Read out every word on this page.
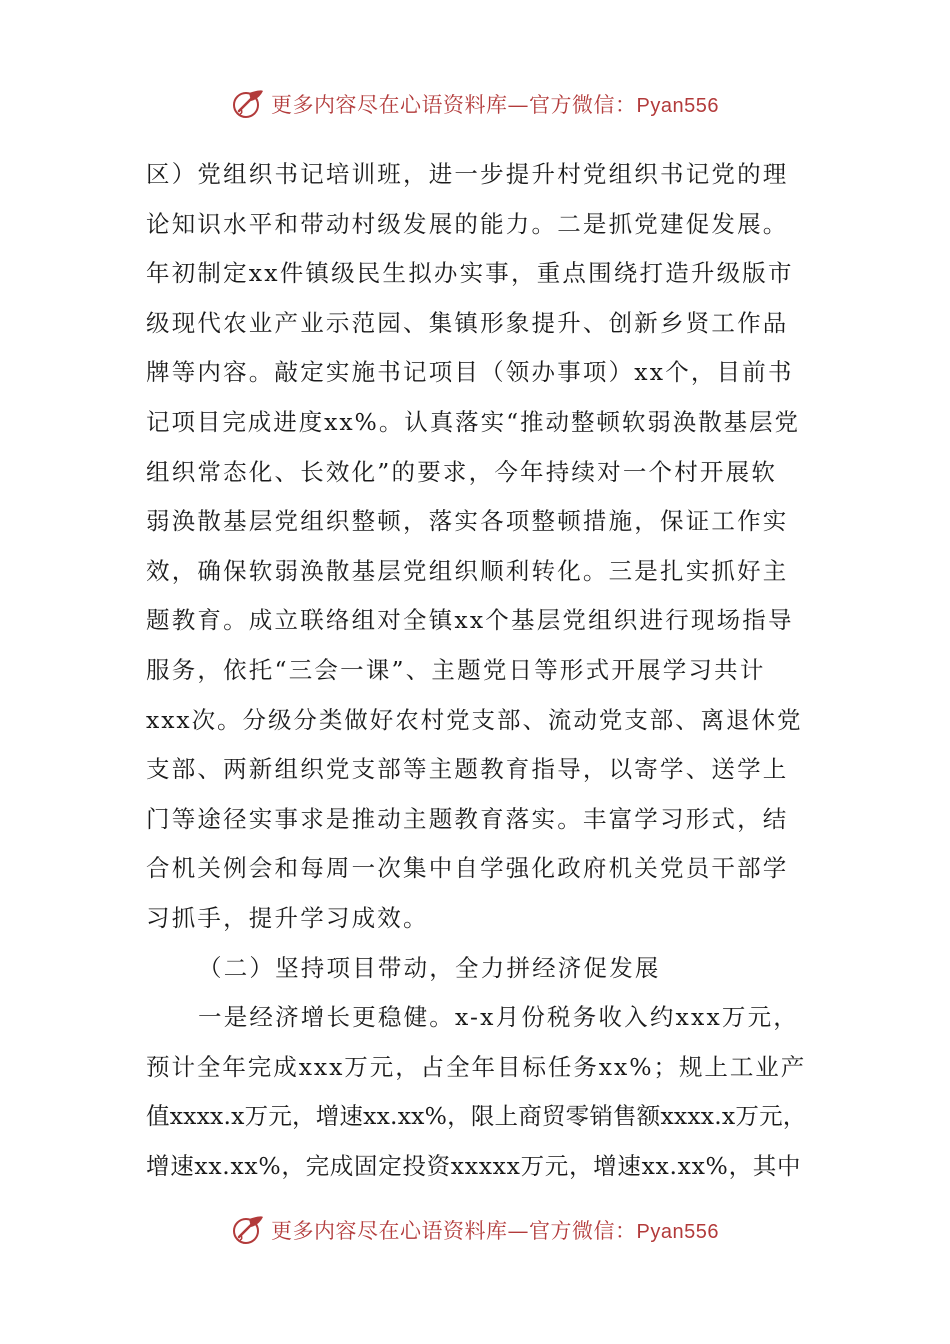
更多内容尽在心语资料库—官方微信：Pyan556
区）党组织书记培训班，进一步提升村党组织书记党的理
论知识水平和带动村级发展的能力。二是抓党建促发展。
年初制定xx件镇级民生拟办实事，重点围绕打造升级版市
级现代农业产业示范园、集镇形象提升、创新乡贤工作品
牌等内容。敲定实施书记项目（领办事项）xx个，目前书
记项目完成进度xx%。认真落实“推动整顿软弱涣散基层党
组织常态化、长效化”的要求，今年持续对一个村开展软
弱涣散基层党组织整顿，落实各项整顿措施，保证工作实
效，确保软弱涣散基层党组织顺利转化。三是扎实抓好主
题教育。成立联络组对全镇xx个基层党组织进行现场指导
服务，依托“三会一课”、主题党日等形式开展学习共计
xxx次。分级分类做好农村党支部、流动党支部、离退休党
支部、两新组织党支部等主题教育指导，以寄学、送学上
门等途径实事求是推动主题教育落实。丰富学习形式，结
合机关例会和每周一次集中自学强化政府机关党员干部学
习抓手，提升学习成效。
（二）坚持项目带动，全力拼经济促发展
一是经济增长更稳健。x-x月份税务收入约xxx万元，
预计全年完成xxx万元，占全年目标任务xx%；规上工业产
值xxxx.x万元，增速xx.xx%，限上商贸零销售额xxxx.x万元，
增速xx.xx%，完成固定投资xxxxx万元，增速xx.xx%，其中
更多内容尽在心语资料库—官方微信：Pyan556
